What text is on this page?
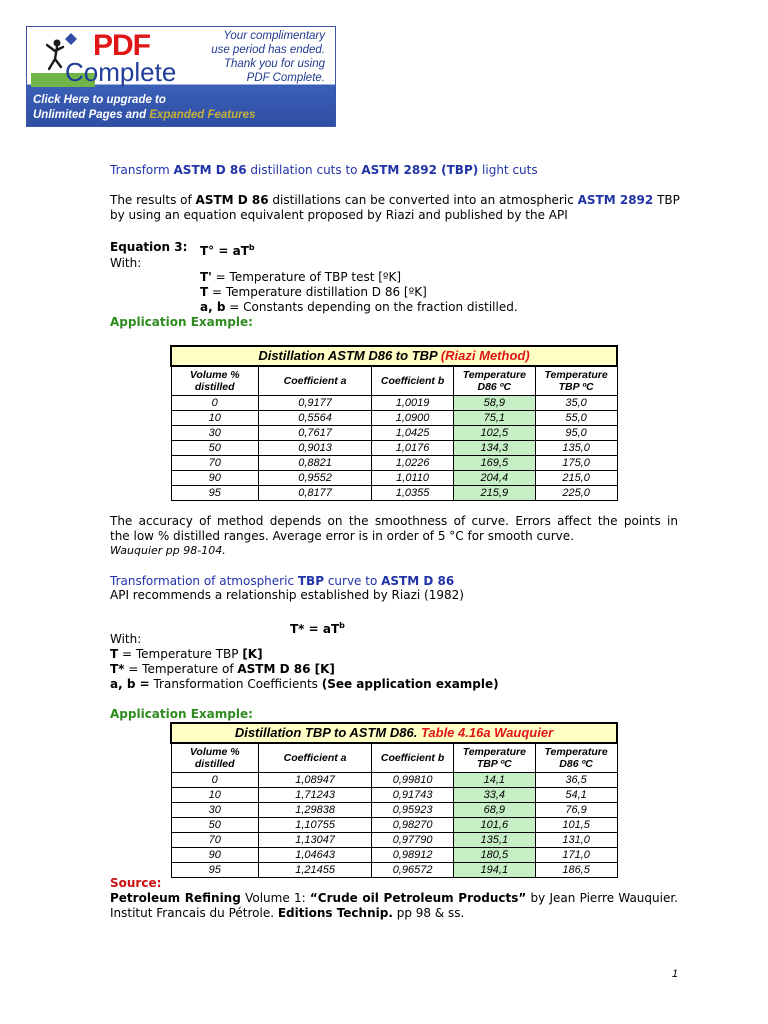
PDF
Complete
Your complimentary
use period has ended.
Thank you for using
PDF Complete.
Click Here to upgrade to
Unlimited Pages and Expanded Features
Transform ASTM D 86 distillation cuts to ASTM 2892 (TBP) light cuts
The results of ASTM D 86 distillations can be converted into an atmospheric ASTM 2892 TBP
by using an equation equivalent proposed by Riazi and published by the API
Equation 3: $T^\circ = aT^b$
With:
T' = Temperature of TBP test [ºK]
T = Temperature distillation D 86 [ºK]
a, b = Constants depending on the fraction distilled.
Application Example:
Distillation ASTM D86 to TBP (Riazi Method)				
Volume % distilled	Coefficient a	Coefficient b	Temperature D86 ºC	Temperature TBP ºC
0	0,9177	1,0019	58,9	35,0
10	0,5564	1,0900	75,1	55,0
30	0,7617	1,0425	102,5	95,0
50	0,9013	1,0176	134,3	135,0
70	0,8821	1,0226	169,5	175,0
90	0,9552	1,0110	204,4	215,0
95	0,8177	1,0355	215,9	225,0
The accuracy of method depends on the smoothness of curve. Errors affect the points in
the low % distilled ranges. Average error is in order of 5 °C for smooth curve.
Wauquier pp 98-104.
Transformation of atmospheric TBP curve to ASTM D 86
API recommends a relationship established by Riazi (1982)
$T* = aT^b$
With:
T = Temperature TBP [K]
T* = Temperature of ASTM D 86 [K]
a, b = Transformation Coefficients (See application example)
Application Example:
Distillation TBP to ASTM D86. Table 4.16a Wauquier				
Volume % distilled	Coefficient a	Coefficient b	Temperature TBP ºC	Temperature D86 ºC
0	1,08947	0,99810	14,1	36,5
10	1,71243	0,91743	33,4	54,1
30	1,29838	0,95923	68,9	76,9
50	1,10755	0,98270	101,6	101,5
70	1,13047	0,97790	135,1	131,0
90	1,04643	0,98912	180,5	171,0
95	1,21455	0,96572	194,1	186,5
Source:
Petroleum Refining Volume 1: “Crude oil Petroleum Products” by Jean Pierre Wauquier.
Institut Francais du Pétrole. Editions Technip. pp 98 & ss.
1
